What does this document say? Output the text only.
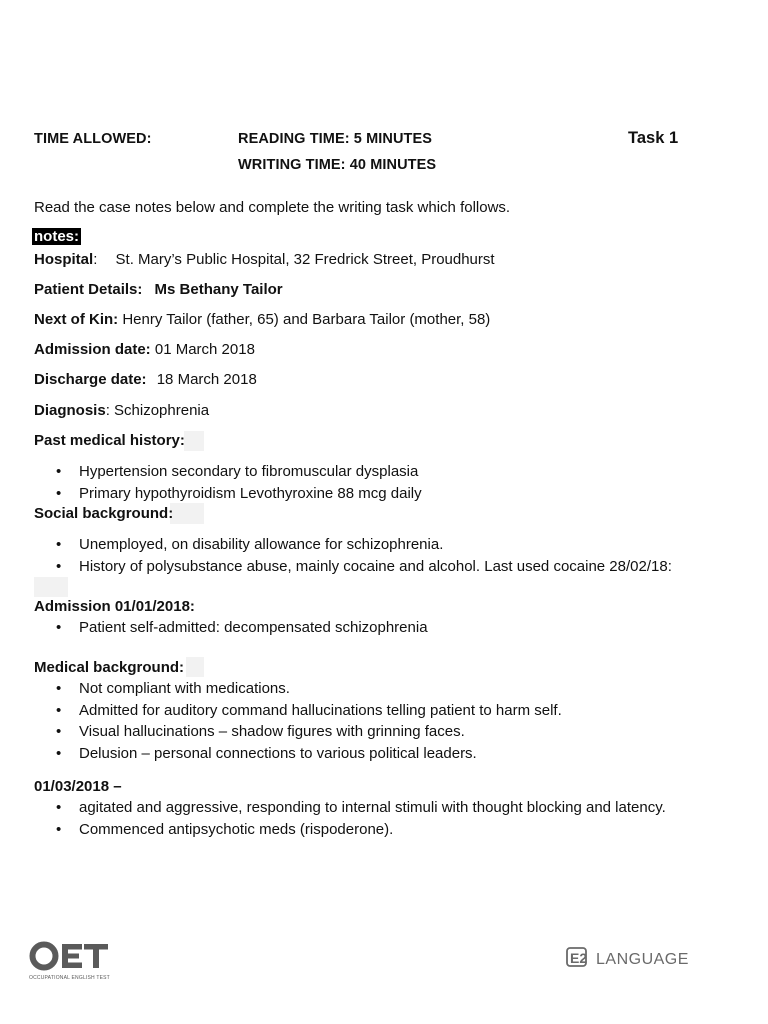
TIME ALLOWED:	READING TIME: 5 MINUTES
WRITING TIME: 40 MINUTES
Task 1
Read the case notes below and complete the writing task which follows.
notes:
Hospital: St. Mary’s Public Hospital, 32 Fredrick Street, Proudhurst
Patient Details: Ms Bethany Tailor
Next of Kin: Henry Tailor (father, 65) and Barbara Tailor (mother, 58)
Admission date: 01 March 2018
Discharge date: 18 March 2018
Diagnosis: Schizophrenia
Past medical history:
• Hypertension secondary to fibromuscular dysplasia
• Primary hypothyroidism Levothyroxine 88 mcg daily
Social background:
• Unemployed, on disability allowance for schizophrenia.
• History of polysubstance abuse, mainly cocaine and alcohol. Last used cocaine 28/02/18:
Admission 01/01/2018:
• Patient self-admitted: decompensated schizophrenia
Medical background:
• Not compliant with medications.
• Admitted for auditory command hallucinations telling patient to harm self.
• Visual hallucinations – shadow figures with grinning faces.
• Delusion – personal connections to various political leaders.
01/03/2018 –
• agitated and aggressive, responding to internal stimuli with thought blocking and latency.
• Commenced antipsychotic meds (rispoderone).
OCCUPATIONAL ENGLISH TEST
E2 LANGUAGE
